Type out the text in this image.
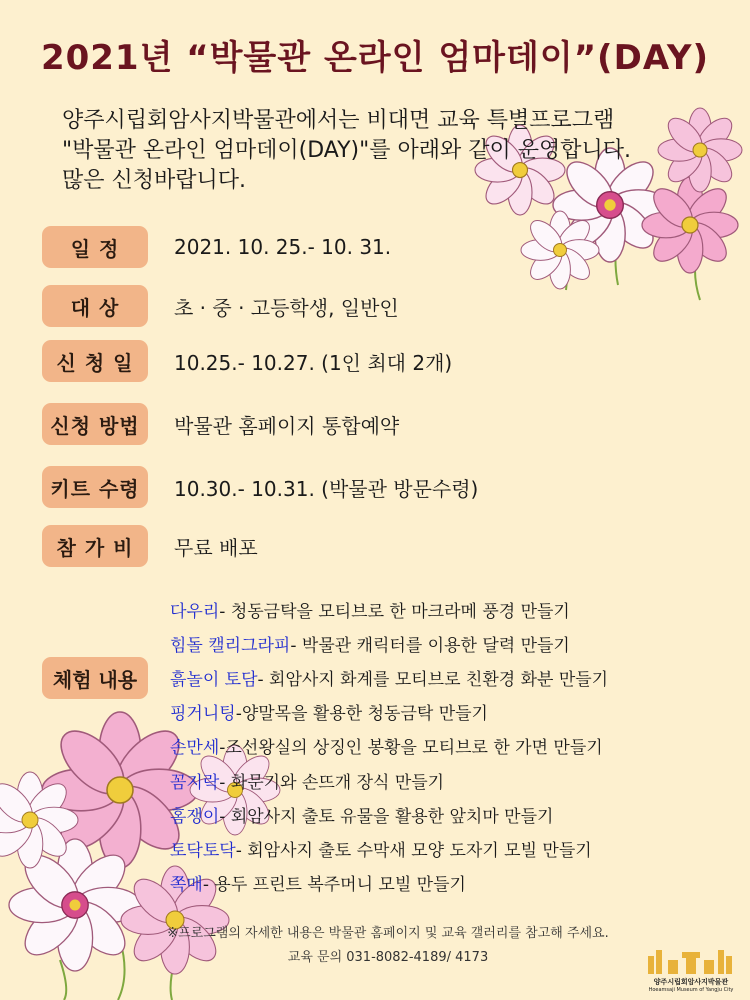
2021년 “박물관 온라인 엄마데이”(DAY)
양주시립회암사지박물관에서는 비대면 교육 특별프로그램
"박물관 온라인 엄마데이(DAY)"를 아래와 같이 운영합니다.
많은 신청바랍니다.
일 정	2021. 10. 25.- 10. 31.
대 상	초 · 중 · 고등학생, 일반인
신 청 일	10.25.- 10.27. (1인 최대 2개)
신청 방법	박물관 홈페이지 통합예약
키트 수령	10.30.- 10.31. (박물관 방문수령)
참 가 비	무료 배포
체험 내용
다우리 - 청동금탁을 모티브로 한 마크라메 풍경 만들기
힘돌 캘리그라피 - 박물관 캐릭터를 이용한 달력 만들기
흙놀이 토담 - 회암사지 화계를 모티브로 친환경 화분 만들기
핑거니팅 -양말목을 활용한 청동금탁 만들기
손만세 -조선왕실의 상징인 봉황을 모티브로 한 가면 만들기
꼼지락 - 화문기와 손뜨개 장식 만들기
홈쟁이 - 회암사지 출토 유물을 활용한 앞치마 만들기
토닥토닥 - 회암사지 출토 수막새 모양 도자기 모빌 만들기
쪽매 - 용두 프린트 복주머니 모빌 만들기
※프로그램의 자세한 내용은 박물관 홈페이지 및 교육 갤러리를 참고해 주세요.
교육 문의 031-8082-4189/ 4173
양주시립회암사지박물관
Hoeamsaji Museum of Yangju City
